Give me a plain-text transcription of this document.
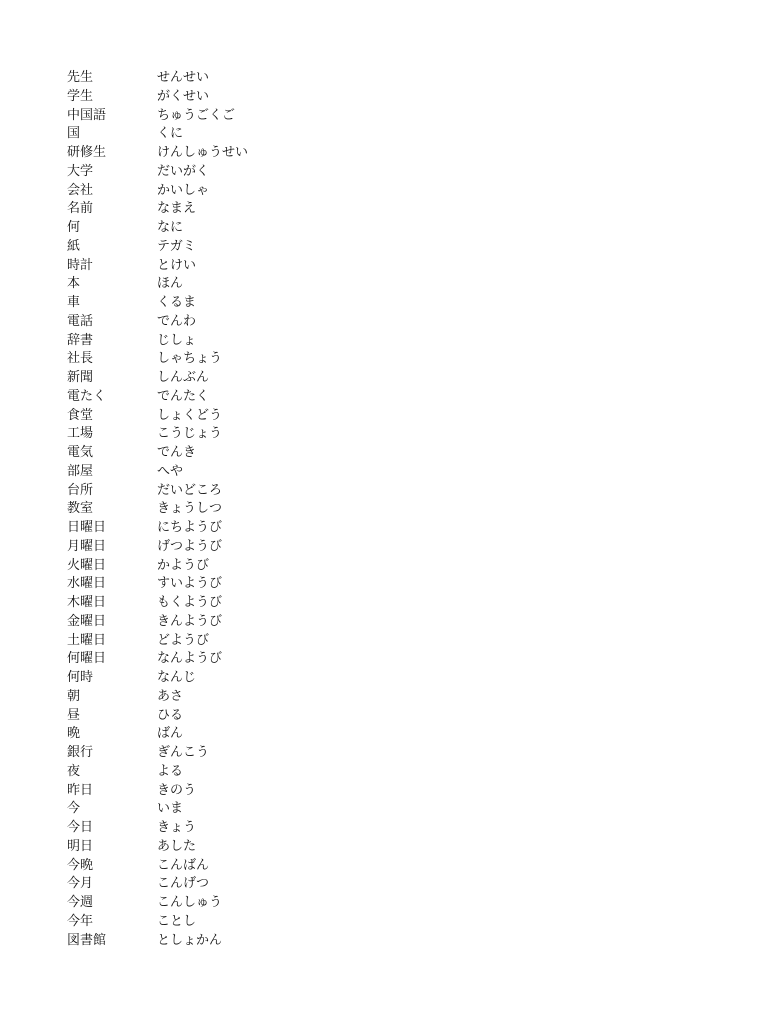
先生	せんせい
学生	がくせい
中国語	ちゅうごくご
国	くに
研修生	けんしゅうせい
大学	だいがく
会社	かいしゃ
名前	なまえ
何	なに
紙	テガミ
時計	とけい
本	ほん
車	くるま
電話	でんわ
辞書	じしょ
社長	しゃちょう
新聞	しんぶん
電たく	でんたく
食堂	しょくどう
工場	こうじょう
電気	でんき
部屋	へや
台所	だいどころ
教室	きょうしつ
日曜日	にちようび
月曜日	げつようび
火曜日	かようび
水曜日	すいようび
木曜日	もくようび
金曜日	きんようび
土曜日	どようび
何曜日	なんようび
何時	なんじ
朝	あさ
昼	ひる
晩	ばん
銀行	ぎんこう
夜	よる
昨日	きのう
今	いま
今日	きょう
明日	あした
今晩	こんばん
今月	こんげつ
今週	こんしゅう
今年	ことし
図書館	としょかん
